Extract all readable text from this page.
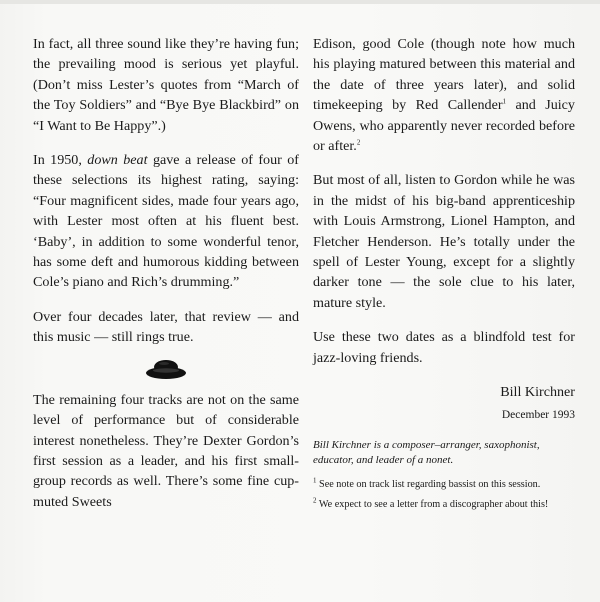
In fact, all three sound like they’re having fun; the prevailing mood is serious yet playful. (Don’t miss Lester’s quotes from “March of the Toy Soldiers” and “Bye Bye Blackbird” on “I Want to Be Happy”.)

In 1950, down beat gave a release of four of these selections its highest rating, saying: “Four magnificent sides, made four years ago, with Lester most often at his fluent best. ‘Baby’, in addition to some wonderful tenor, has some deft and humorous kidding between Cole’s piano and Rich’s drumming.”

Over four decades later, that review — and this music — still rings true.

The remaining four tracks are not on the same level of performance but of considerable interest nonetheless. They’re Dexter Gordon’s first session as a leader, and his first small-group records as well. There’s some fine cup-muted Sweets

Edison, good Cole (though note how much his playing matured between this material and the date of three years later), and solid timekeeping by Red Callender$^1$ and Juicy Owens, who apparently never recorded before or after.$^2$

But most of all, listen to Gordon while he was in the midst of his big-band apprenticeship with Louis Armstrong, Lionel Hampton, and Fletcher Henderson. He’s totally under the spell of Lester Young, except for a slightly darker tone — the sole clue to his later, mature style.

Use these two dates as a blindfold test for jazz-loving friends.

Bill Kirchner
December 1993
Bill Kirchner is a composer–arranger, saxophonist, educator, and leader of a nonet.
$^1$ See note on track list regarding bassist on this session.
$^2$ We expect to see a letter from a discographer about this!
